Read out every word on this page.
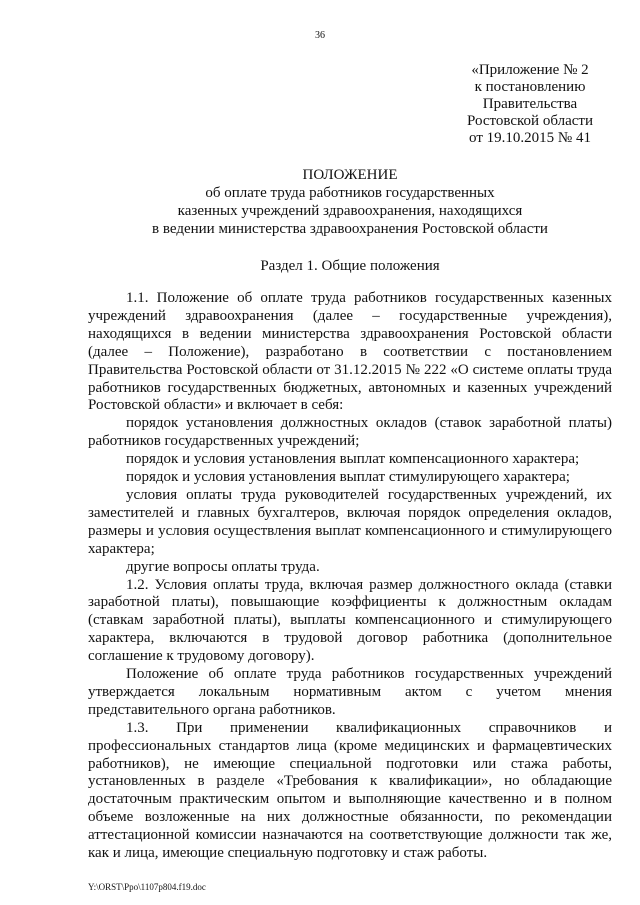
36
«Приложение № 2
к постановлению
Правительства
Ростовской области
от 19.10.2015 № 41
ПОЛОЖЕНИЕ
об оплате труда работников государственных
казенных учреждений здравоохранения, находящихся
в ведении министерства здравоохранения Ростовской области
Раздел 1. Общие положения

1.1. Положение об оплате труда работников государственных казенных учреждений здравоохранения (далее – государственные учреждения), находящихся в ведении министерства здравоохранения Ростовской области (далее – Положение), разработано в соответствии с постановлением Правительства Ростовской области от 31.12.2015 № 222 «О системе оплаты труда работников государственных бюджетных, автономных и казенных учреждений Ростовской области» и включает в себя:

порядок установления должностных окладов (ставок заработной платы) работников государственных учреждений;

порядок и условия установления выплат компенсационного характера;

порядок и условия установления выплат стимулирующего характера;

условия оплаты труда руководителей государственных учреждений, их заместителей и главных бухгалтеров, включая порядок определения окладов, размеры и условия осуществления выплат компенсационного и стимулирующего характера;

другие вопросы оплаты труда.

1.2. Условия оплаты труда, включая размер должностного оклада (ставки заработной платы), повышающие коэффициенты к должностным окладам (ставкам заработной платы), выплаты компенсационного и стимулирующего характера, включаются в трудовой договор работника (дополнительное соглашение к трудовому договору).

Положение об оплате труда работников государственных учреждений утверждается локальным нормативным актом с учетом мнения представительного органа работников.

1.3. При применении квалификационных справочников и профессиональных стандартов лица (кроме медицинских и фармацевтических работников), не имеющие специальной подготовки или стажа работы, установленных в разделе «Требования к квалификации», но обладающие достаточным практическим опытом и выполняющие качественно и в полном объеме возложенные на них должностные обязанности, по рекомендации аттестационной комиссии назначаются на соответствующие должности так же, как и лица, имеющие специальную подготовку и стаж работы.

Y:\ORST\Ppo\1107p804.f19.doc
